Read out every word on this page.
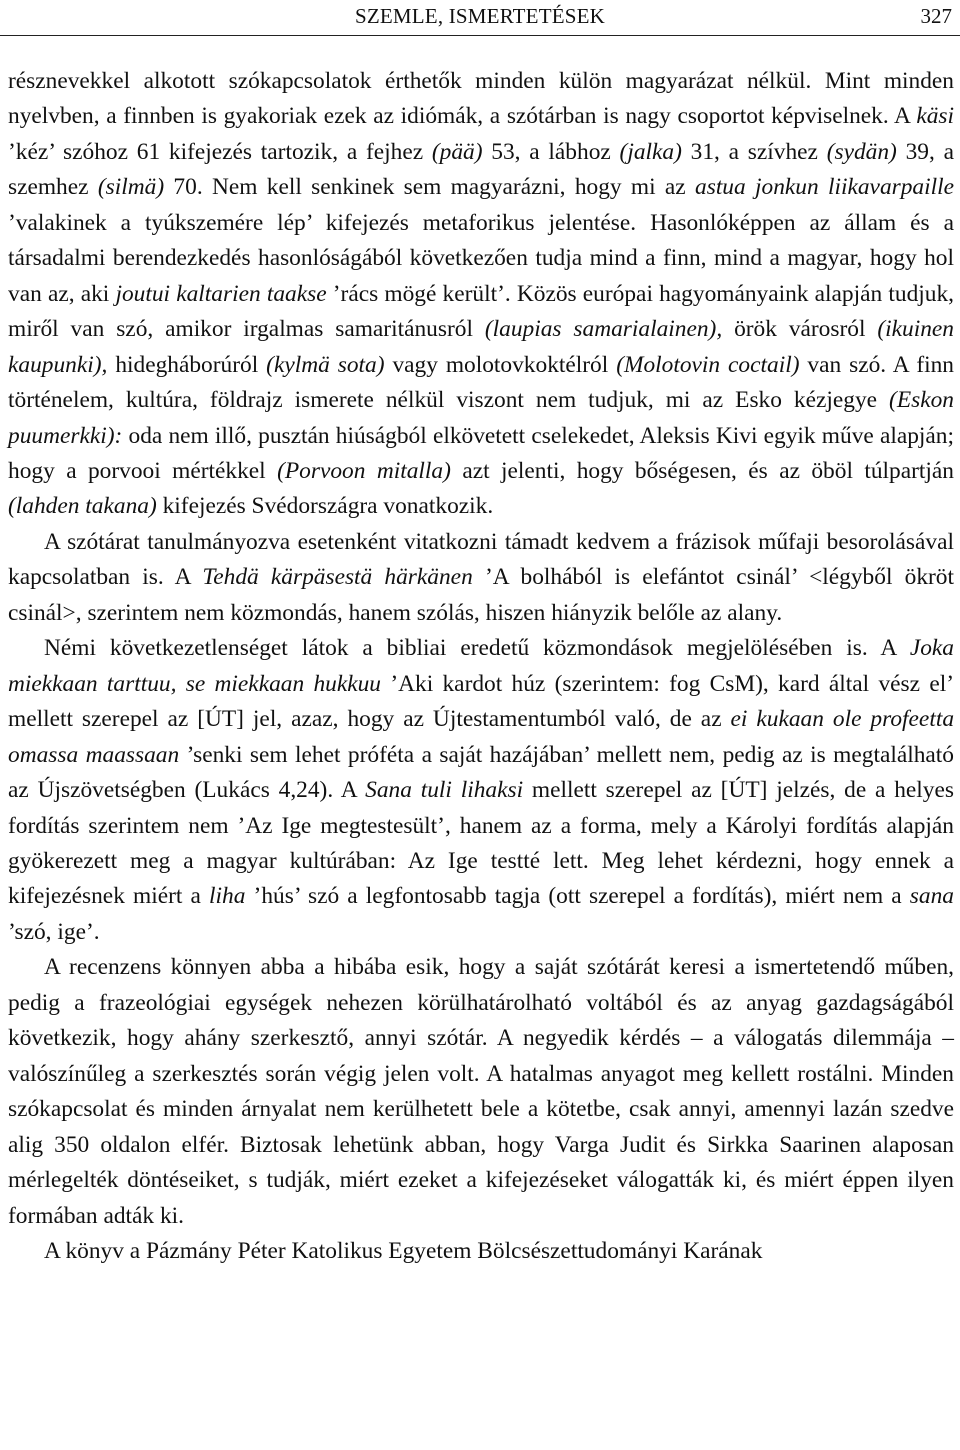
SZEMLE, ISMERTETÉSEK	327

résznevekkel alkotott szókapcsolatok érthetők minden külön magyarázat nélkül. Mint minden nyelvben, a finnben is gyakoriak ezek az idiómák, a szótárban is nagy csoportot képviselnek. A käsi ’kéz’ szóhoz 61 kifejezés tartozik, a fejhez (pää) 53, a lábhoz (jalka) 31, a szívhez (sydän) 39, a szemhez (silmä) 70. Nem kell senkinek sem magyarázni, hogy mi az astua jonkun liikavarpaille ’valakinek a tyúkszemére lép’ kifejezés metaforikus jelentése. Hasonlóképpen az állam és a társadalmi berendezkedés hasonlóságából következően tudja mind a finn, mind a magyar, hogy hol van az, aki joutui kaltarien taakse ’rács mögé került’. Közös európai hagyományaink alapján tudjuk, miről van szó, amikor irgalmas samaritánusról (laupias samarialainen), örök városról (ikuinen kaupunki), hidegháborúról (kylmä sota) vagy molotovkoktélról (Molotovin coctail) van szó. A finn történelem, kultúra, földrajz ismerete nélkül viszont nem tudjuk, mi az Esko kézjegye (Eskon puumerkki): oda nem illő, pusztán hiúságból elkövetett cselekedet, Aleksis Kivi egyik műve alapján; hogy a porvooi mértékkel (Porvoon mitalla) azt jelenti, hogy bőségesen, és az öböl túlpartján (lahden takana) kifejezés Svédországra vonatkozik.

A szótárat tanulmányozva esetenként vitatkozni támadt kedvem a frázisok műfaji besorolásával kapcsolatban is. A Tehdä kärpäsestä härkänen ’A bolhából is elefántot csinál’ <légyből ökröt csinál>, szerintem nem közmondás, hanem szólás, hiszen hiányzik belőle az alany.

Némi következetlenséget látok a bibliai eredetű közmondások megjelölésében is. A Joka miekkaan tarttuu, se miekkaan hukkuu ’Aki kardot húz (szerintem: fog CsM), kard által vész el’ mellett szerepel az [ÚT] jel, azaz, hogy az Újtestamentumból való, de az ei kukaan ole profeetta omassa maassaan ’senki sem lehet próféta a saját hazájában’ mellett nem, pedig az is megtalálható az Újszövetségben (Lukács 4,24). A Sana tuli lihaksi mellett szerepel az [ÚT] jelzés, de a helyes fordítás szerintem nem ’Az Ige megtestesült’, hanem az a forma, mely a Károlyi fordítás alapján gyökerezett meg a magyar kultúrában: Az Ige testté lett. Meg lehet kérdezni, hogy ennek a kifejezésnek miért a liha ’hús’ szó a legfontosabb tagja (ott szerepel a fordítás), miért nem a sana ’szó, ige’.

A recenzens könnyen abba a hibába esik, hogy a saját szótárát keresi a ismertetendő műben, pedig a frazeológiai egységek nehezen körülhatárolható voltából és az anyag gazdagságából következik, hogy ahány szerkesztő, annyi szótár. A negyedik kérdés – a válogatás dilemmája – valószínűleg a szerkesztés során végig jelen volt. A hatalmas anyagot meg kellett rostálni. Minden szókapcsolat és minden árnyalat nem kerülhetett bele a kötetbe, csak annyi, amennyi lazán szedve alig 350 oldalon elfér. Biztosak lehetünk abban, hogy Varga Judit és Sirkka Saarinen alaposan mérlegelték döntéseiket, s tudják, miért ezeket a kifejezéseket válogatták ki, és miért éppen ilyen formában adták ki.

A könyv a Pázmány Péter Katolikus Egyetem Bölcsészettudományi Karának
